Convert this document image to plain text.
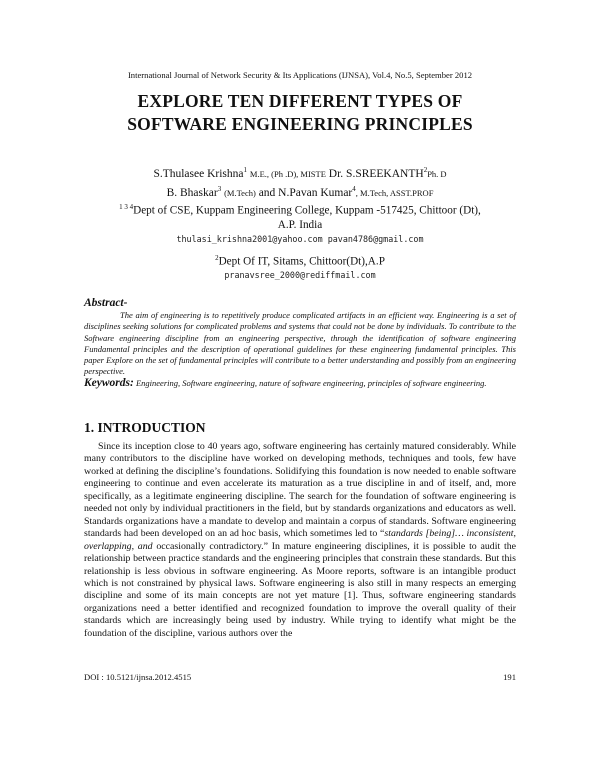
International Journal of Network Security & Its Applications (IJNSA), Vol.4, No.5, September 2012
EXPLORE TEN DIFFERENT TYPES OF
SOFTWARE ENGINEERING PRINCIPLES
S.Thulasee Krishna$^1$ M.E., (Ph .D), MISTE Dr. S.SREEKANTH$^2$Ph. D
B. Bhaskar$^3$ (M.Tech) and N.Pavan Kumar$^4$, M.Tech, ASST.PROF
$^{1 3 4}$Dept of CSE, Kuppam Engineering College, Kuppam -517425, Chittoor (Dt),
A.P. India
thulasi_krishna2001@yahoo.com pavan4786@gmail.com
$^2$Dept Of IT, Sitams, Chittoor(Dt),A.P
pranavsree_2000@rediffmail.com
Abstract-
The aim of engineering is to repetitively produce complicated artifacts in an efficient way. Engineering is a set of disciplines seeking solutions for complicated problems and systems that could not be done by individuals. To contribute to the Software engineering discipline from an engineering perspective, through the identification of software engineering Fundamental principles and the description of operational guidelines for these engineering fundamental principles. This paper Explore on the set of fundamental principles will contribute to a better understanding and possibly from an engineering perspective.
Keywords: Engineering, Software engineering, nature of software engineering, principles of software engineering.
1. INTRODUCTION

Since its inception close to 40 years ago, software engineering has certainly matured considerably. While many contributors to the discipline have worked on developing methods, techniques and tools, few have worked at defining the discipline’s foundations. Solidifying this foundation is now needed to enable software engineering to continue and even accelerate its maturation as a true discipline in and of itself, and, more specifically, as a legitimate engineering discipline. The search for the foundation of software engineering is needed not only by individual practitioners in the field, but by standards organizations and educators as well. Standards organizations have a mandate to develop and maintain a corpus of standards. Software engineering standards had been developed on an ad hoc basis, which sometimes led to “standards [being]… inconsistent, overlapping, and occasionally contradictory.” In mature engineering disciplines, it is possible to audit the relationship between practice standards and the engineering principles that constrain these standards. But this relationship is less obvious in software engineering. As Moore reports, software is an intangible product which is not constrained by physical laws. Software engineering is also still in many respects an emerging discipline and some of its main concepts are not yet mature [1]. Thus, software engineering standards organizations need a better identified and recognized foundation to improve the overall quality of their standards which are increasingly being used by industry. While trying to identify what might be the foundation of the discipline, various authors over the

DOI : 10.5121/ijnsa.2012.4515	191
